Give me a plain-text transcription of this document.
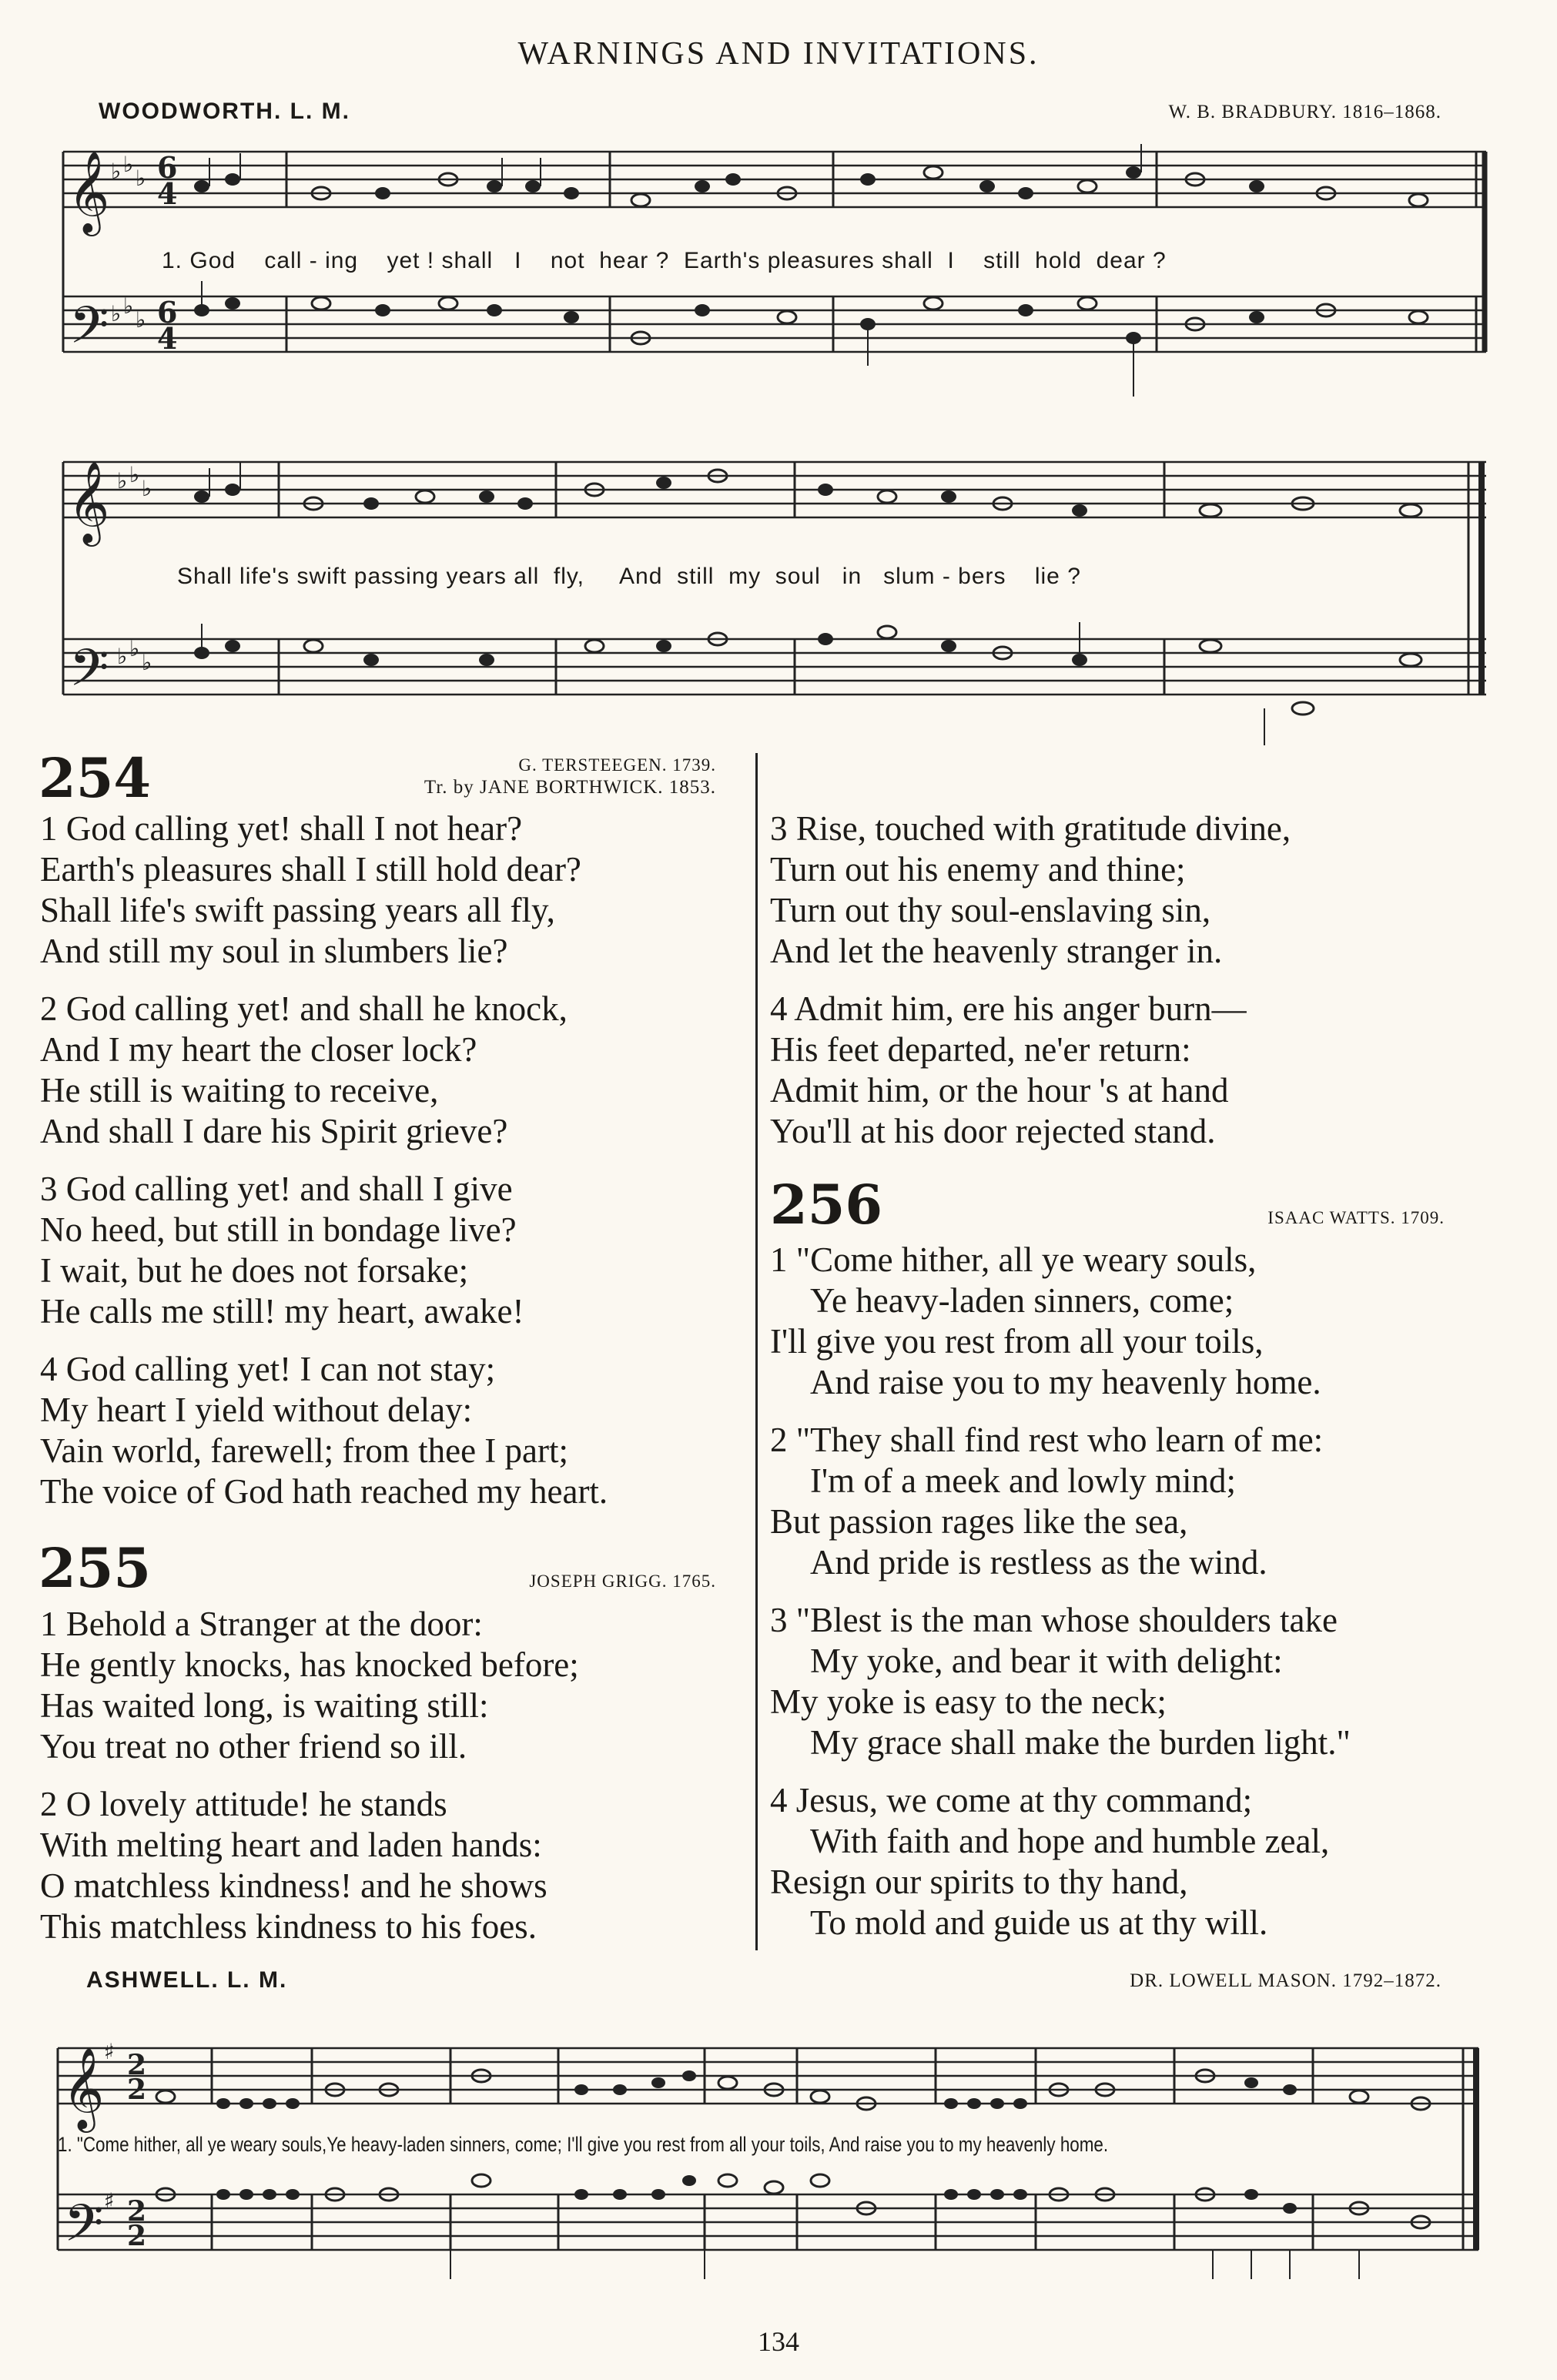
WARNINGS AND INVITATIONS.
WOODWORTH. L. M.	W. B. BRADBURY. 1816–1868.
𝄞
𝄢
♭ ♭
♭ 6
4
♭ ♭
♭ 6
4
1. God    call - ing    yet ! shall   I    not  hear ?  Earth's pleasures shall  I    still  hold  dear ?
𝄞
𝄢
♭ ♭
♭
♭ ♭
♭
Shall life's swift passing years all  fly,     And  still  my  soul   in   slum - bers    lie ?
254	G. TERSTEEGEN. 1739.
Tr. by JANE BORTHWICK. 1853.
1 God calling yet! shall I not hear?
Earth's pleasures shall I still hold dear?
Shall life's swift passing years all fly,
And still my soul in slumbers lie?
2 God calling yet! and shall he knock,
And I my heart the closer lock?
He still is waiting to receive,
And shall I dare his Spirit grieve?
3 God calling yet! and shall I give
No heed, but still in bondage live?
I wait, but he does not forsake;
He calls me still! my heart, awake!
4 God calling yet! I can not stay;
My heart I yield without delay:
Vain world, farewell; from thee I part;
The voice of God hath reached my heart.
255	JOSEPH GRIGG. 1765.
1 Behold a Stranger at the door:
He gently knocks, has knocked before;
Has waited long, is waiting still:
You treat no other friend so ill.
2 O lovely attitude! he stands
With melting heart and laden hands:
O matchless kindness! and he shows
This matchless kindness to his foes.
3 Rise, touched with gratitude divine,
Turn out his enemy and thine;
Turn out thy soul-enslaving sin,
And let the heavenly stranger in.
4 Admit him, ere his anger burn—
His feet departed, ne'er return:
Admit him, or the hour 's at hand
You'll at his door rejected stand.
256	ISAAC WATTS. 1709.
1 "Come hither, all ye weary souls,
Ye heavy-laden sinners, come;
I'll give you rest from all your toils,
And raise you to my heavenly home.
2 "They shall find rest who learn of me:
I'm of a meek and lowly mind;
But passion rages like the sea,
And pride is restless as the wind.
3 "Blest is the man whose shoulders take
My yoke, and bear it with delight:
My yoke is easy to the neck;
My grace shall make the burden light."
4 Jesus, we come at thy command;
With faith and hope and humble zeal,
Resign our spirits to thy hand,
To mold and guide us at thy will.
ASHWELL. L. M.	DR. LOWELL MASON. 1792–1872.
𝄞
𝄢
♯
♯
2
2
2
2
1. "Come hither, all ye weary souls,Ye heavy-laden sinners, come; I'll give you rest from all your toils, And raise you to my heavenly home.
134
